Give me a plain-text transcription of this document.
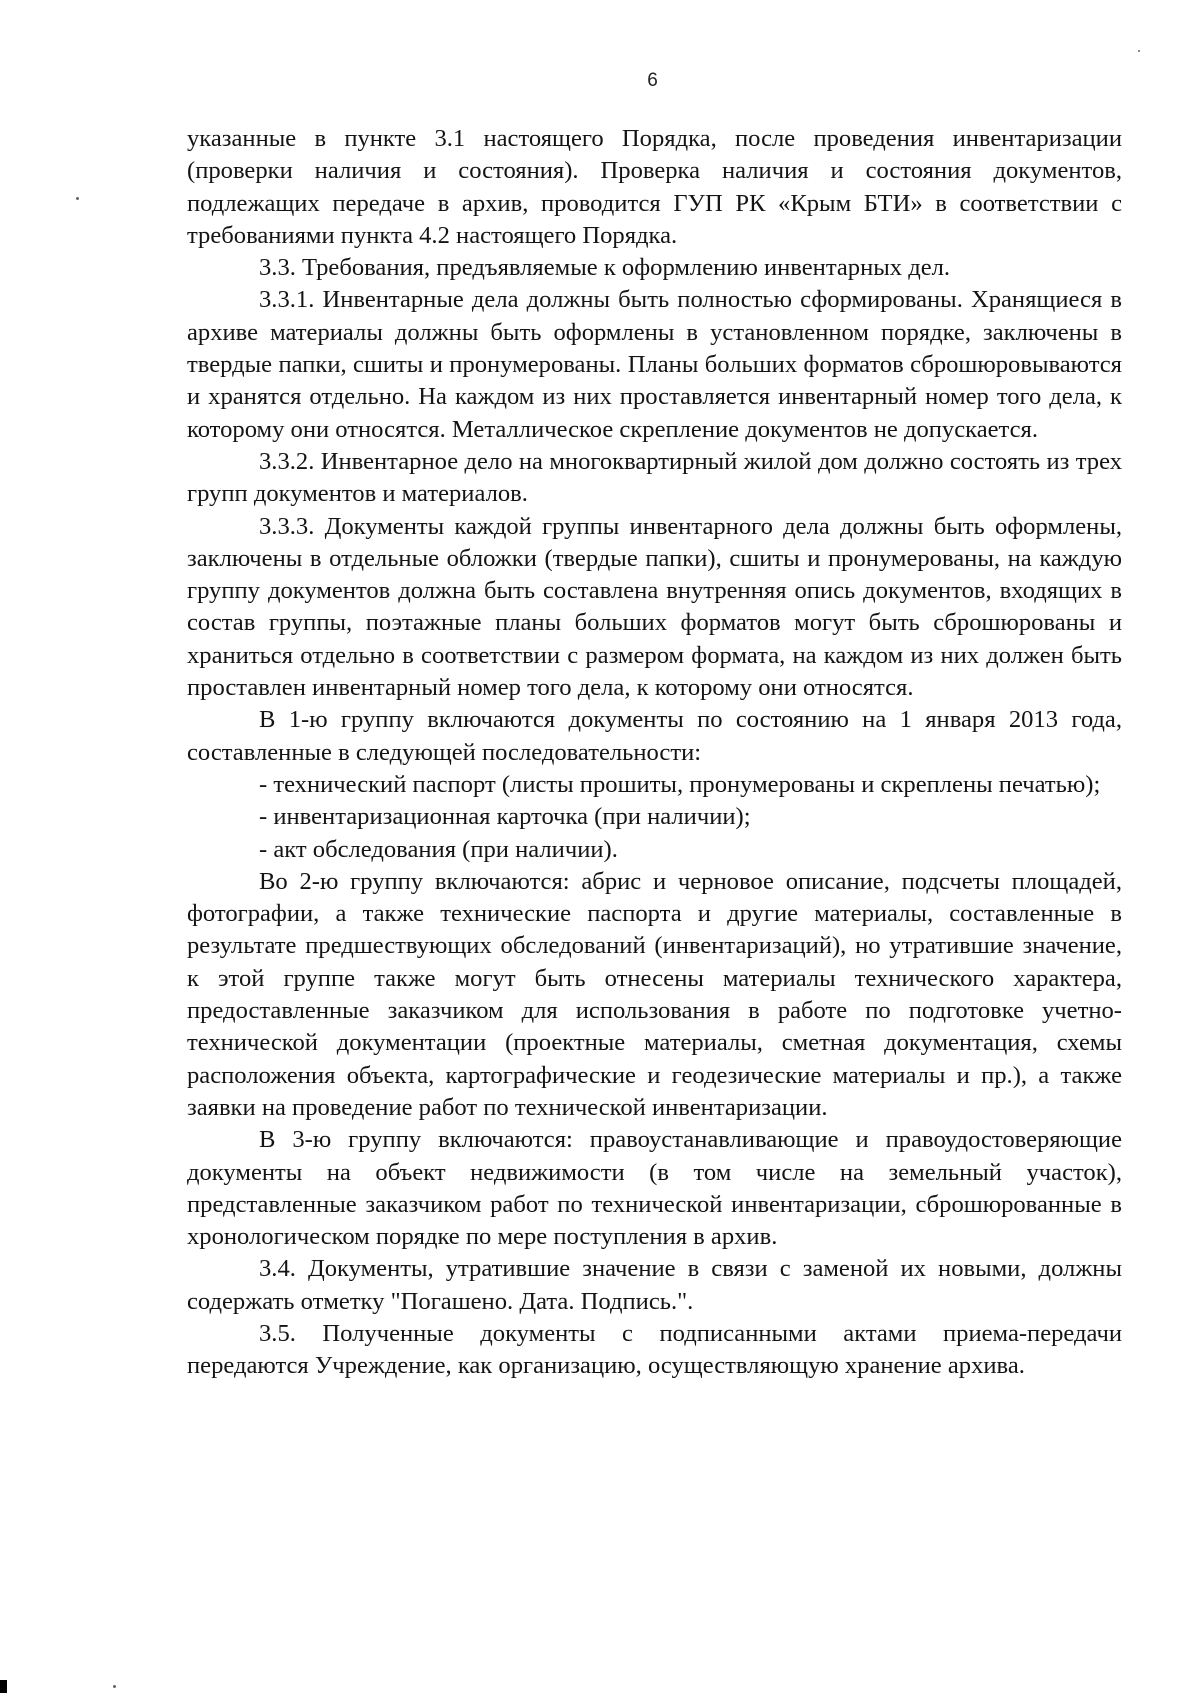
6

указанные в пункте 3.1 настоящего Порядка, после проведения инвентаризации (проверки наличия и состояния). Проверка наличия и состояния документов, подлежащих передаче в архив, проводится ГУП РК «Крым БТИ» в соответствии с требованиями пункта 4.2 настоящего Порядка.

3.3. Требования, предъявляемые к оформлению инвентарных дел.

3.3.1. Инвентарные дела должны быть полностью сформированы. Хранящиеся в архиве материалы должны быть оформлены в установленном порядке, заключены в твердые папки, сшиты и пронумерованы. Планы больших форматов сброшюровываются и хранятся отдельно. На каждом из них проставляется инвентарный номер того дела, к которому они относятся. Металлическое скрепление документов не допускается.

3.3.2. Инвентарное дело на многоквартирный жилой дом должно состоять из трех групп документов и материалов.

3.3.3. Документы каждой группы инвентарного дела должны быть оформлены, заключены в отдельные обложки (твердые папки), сшиты и пронумерованы, на каждую группу документов должна быть составлена внутренняя опись документов, входящих в состав группы, поэтажные планы больших форматов могут быть сброшюрованы и храниться отдельно в соответствии с размером формата, на каждом из них должен быть проставлен инвентарный номер того дела, к которому они относятся.

В 1-ю группу включаются документы по состоянию на 1 января 2013 года, составленные в следующей последовательности:

- технический паспорт (листы прошиты, пронумерованы и скреплены печатью);

- инвентаризационная карточка (при наличии);

- акт обследования (при наличии).

Во 2-ю группу включаются: абрис и черновое описание, подсчеты площадей, фотографии, а также технические паспорта и другие материалы, составленные в результате предшествующих обследований (инвентаризаций), но утратившие значение, к этой группе также могут быть отнесены материалы технического характера, предоставленные заказчиком для использования в работе по подготовке учетно-технической документации (проектные материалы, сметная документация, схемы расположения объекта, картографические и геодезические материалы и пр.), а также заявки на проведение работ по технической инвентаризации.

В 3-ю группу включаются: правоустанавливающие и правоудостоверяющие документы на объект недвижимости (в том числе на земельный участок), представленные заказчиком работ по технической инвентаризации, сброшюрованные в хронологическом порядке по мере поступления в архив.

3.4. Документы, утратившие значение в связи с заменой их новыми, должны содержать отметку "Погашено. Дата. Подпись.".

3.5. Полученные документы с подписанными актами приема-передачи передаются Учреждение, как организацию, осуществляющую хранение архива.
